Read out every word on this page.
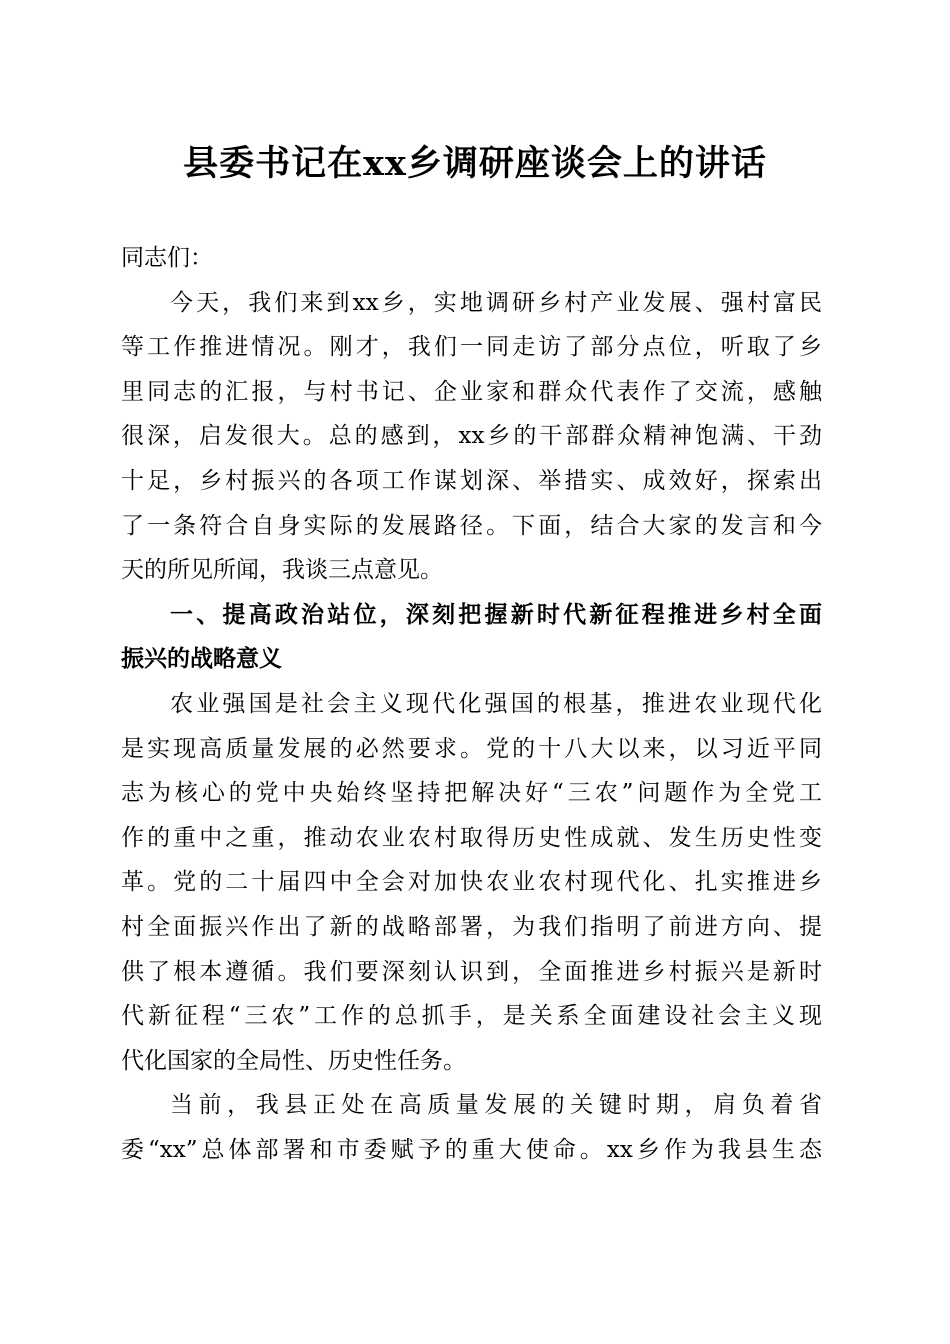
县委书记在xx乡调研座谈会上的讲话
同志们：
今天，我们来到xx乡，实地调研乡村产业发展、强村富民
等工作推进情况。刚才，我们一同走访了部分点位，听取了乡
里同志的汇报，与村书记、企业家和群众代表作了交流，感触
很深，启发很大。总的感到，xx乡的干部群众精神饱满、干劲
十足，乡村振兴的各项工作谋划深、举措实、成效好，探索出
了一条符合自身实际的发展路径。下面，结合大家的发言和今
天的所见所闻，我谈三点意见。
一、提高政治站位，深刻把握新时代新征程推进乡村全面
振兴的战略意义
农业强国是社会主义现代化强国的根基，推进农业现代化
是实现高质量发展的必然要求。党的十八大以来，以习近平同
志为核心的党中央始终坚持把解决好“三农”问题作为全党工
作的重中之重，推动农业农村取得历史性成就、发生历史性变
革。党的二十届四中全会对加快农业农村现代化、扎实推进乡
村全面振兴作出了新的战略部署，为我们指明了前进方向、提
供了根本遵循。我们要深刻认识到，全面推进乡村振兴是新时
代新征程“三农”工作的总抓手，是关系全面建设社会主义现
代化国家的全局性、历史性任务。
当前，我县正处在高质量发展的关键时期，肩负着省
委“xx”总体部署和市委赋予的重大使命。xx乡作为我县生态
